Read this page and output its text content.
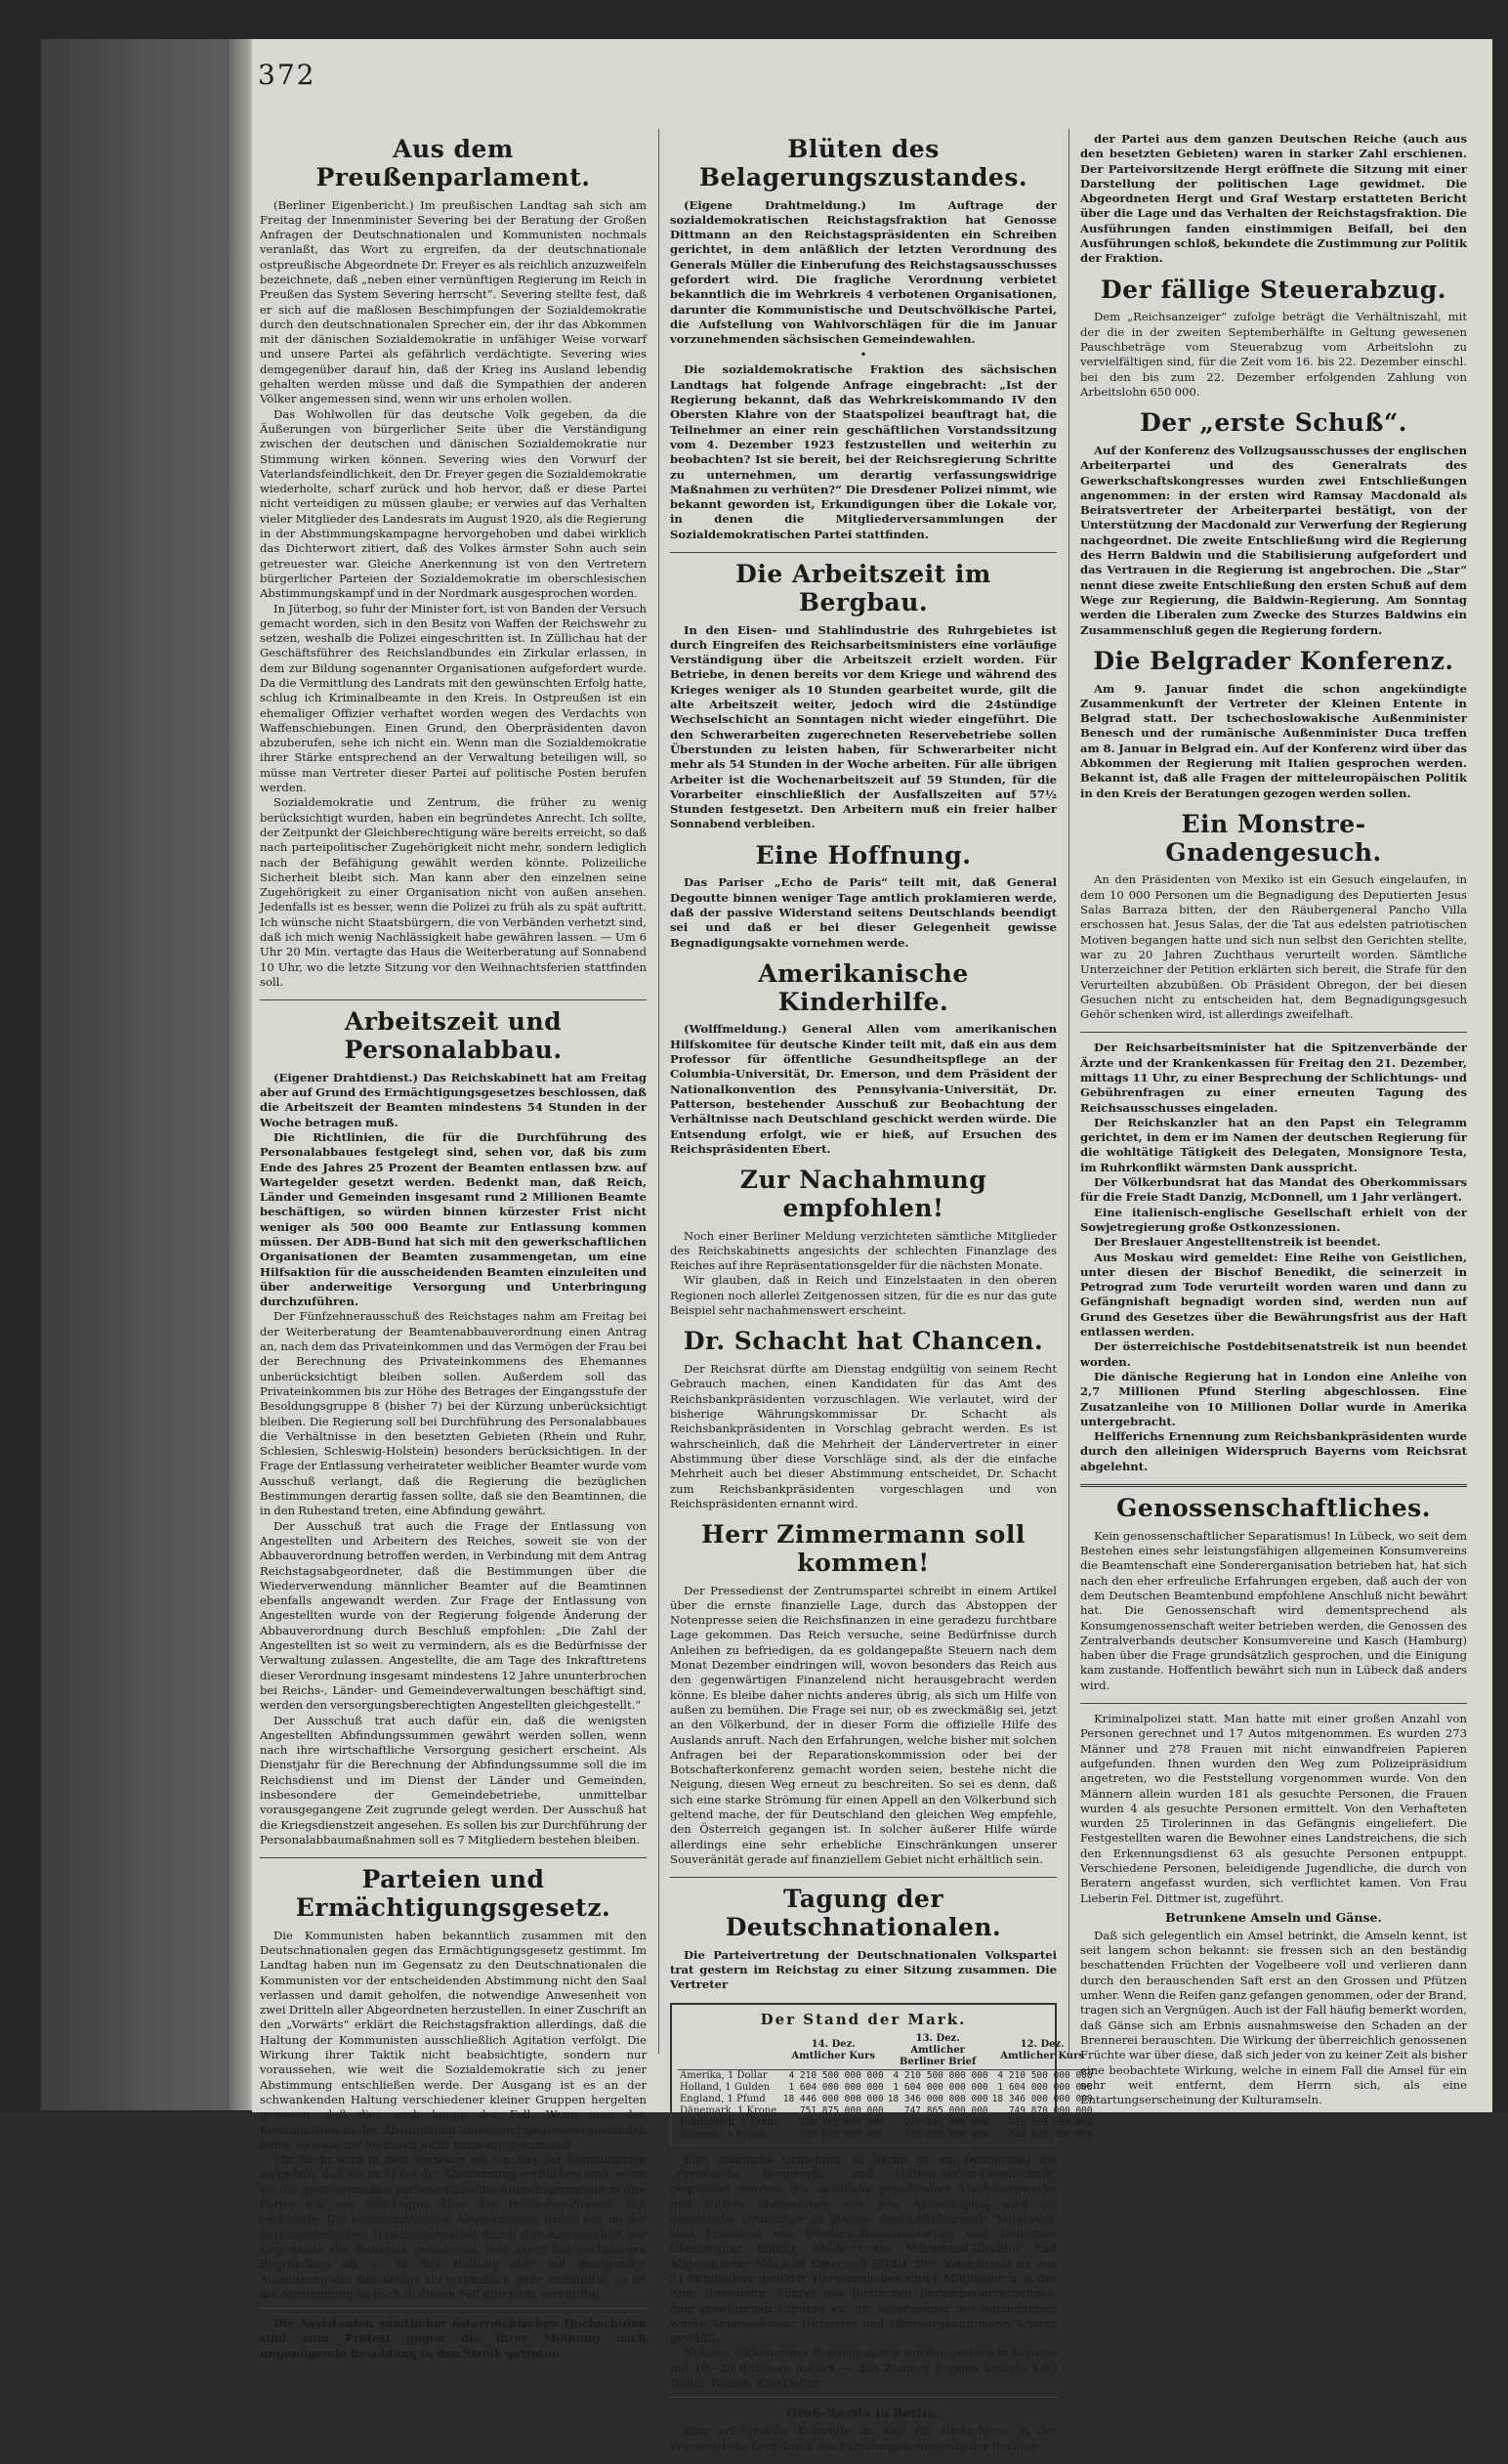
372
Aus dem Preußenparlament.

(Berliner Eigenbericht.) Im preußischen Landtag sah sich am Freitag der Innenminister Severing bei der Beratung der Großen Anfragen der Deutschnationalen und Kommunisten nochmals veranlaßt, das Wort zu ergreifen, da der deutschnationale ostpreußische Abgeordnete Dr. Freyer es als reichlich anzuzweifeln bezeichnete, daß „neben einer vernünftigen Regierung im Reich in Preußen das System Severing herrscht“. Severing stellte fest, daß er sich auf die maßlosen Beschimpfungen der Sozialdemokratie durch den deutschnationalen Sprecher ein, der ihr das Abkommen mit der dänischen Sozialdemokratie in unfähiger Weise vorwarf und unsere Partei als gefährlich verdächtigte. Severing wies demgegenüber darauf hin, daß der Krieg ins Ausland lebendig gehalten werden müsse und daß die Sympathien der anderen Völker angemessen sind, wenn wir uns erholen wollen.

Das Wohlwollen für das deutsche Volk gegeben, da die Äußerungen von bürgerlicher Seite über die Verständigung zwischen der deutschen und dänischen Sozialdemokratie nur Stimmung wirken können. Severing wies den Vorwurf der Vaterlandsfeindlichkeit, den Dr. Freyer gegen die Sozialdemokratie wiederholte, scharf zurück und hob hervor, daß er diese Partei nicht verteidigen zu müssen glaube; er verwies auf das Verhalten vieler Mitglieder des Landesrats im August 1920, als die Regierung in der Abstimmungskampagne hervorgehoben und dabei wirklich das Dichterwort zitiert, daß des Volkes ärmster Sohn auch sein getreuester war. Gleiche Anerkennung ist von den Vertretern bürgerlicher Parteien der Sozialdemokratie im oberschlesischen Abstimmungskampf und in der Nordmark ausgesprochen worden.

In Jüterbog, so fuhr der Minister fort, ist von Banden der Versuch gemacht worden, sich in den Besitz von Waffen der Reichswehr zu setzen, weshalb die Polizei eingeschritten ist. In Züllichau hat der Geschäftsführer des Reichslandbundes ein Zirkular erlassen, in dem zur Bildung sogenannter Organisationen aufgefordert wurde. Da die Vermittlung des Landrats mit den gewünschten Erfolg hatte, schlug ich Kriminalbeamte in den Kreis. In Ostpreußen ist ein ehemaliger Offizier verhaftet worden wegen des Verdachts von Waffenschiebungen. Einen Grund, den Oberpräsidenten davon abzuberufen, sehe ich nicht ein. Wenn man die Sozialdemokratie ihrer Stärke entsprechend an der Verwaltung beteiligen will, so müsse man Vertreter dieser Partei auf politische Posten berufen werden.

Sozialdemokratie und Zentrum, die früher zu wenig berücksichtigt wurden, haben ein begründetes Anrecht. Ich sollte, der Zeitpunkt der Gleichberechtigung wäre bereits erreicht, so daß nach parteipolitischer Zugehörigkeit nicht mehr, sondern lediglich nach der Befähigung gewählt werden könnte. Polizeiliche Sicherheit bleibt sich. Man kann aber den einzelnen seine Zugehörigkeit zu einer Organisation nicht von außen ansehen. Jedenfalls ist es besser, wenn die Polizei zu früh als zu spät auftritt. Ich wünsche nicht Staatsbürgern, die von Verbänden verhetzt sind, daß ich mich wenig Nachlässigkeit habe gewähren lassen. — Um 6 Uhr 20 Min. vertagte das Haus die Weiterberatung auf Sonnabend 10 Uhr, wo die letzte Sitzung vor den Weihnachtsferien stattfinden soll.

Arbeitszeit und Personalabbau.

(Eigener Drahtdienst.) Das Reichskabinett hat am Freitag aber auf Grund des Ermächtigungsgesetzes beschlossen, daß die Arbeitszeit der Beamten mindestens 54 Stunden in der Woche betragen muß.

Die Richtlinien, die für die Durchführung des Personalabbaues festgelegt sind, sehen vor, daß bis zum Ende des Jahres 25 Prozent der Beamten entlassen bzw. auf Wartegelder gesetzt werden. Bedenkt man, daß Reich, Länder und Gemeinden insgesamt rund 2 Millionen Beamte beschäftigen, so würden binnen kürzester Frist nicht weniger als 500 000 Beamte zur Entlassung kommen müssen. Der ADB-Bund hat sich mit den gewerkschaftlichen Organisationen der Beamten zusammengetan, um eine Hilfsaktion für die ausscheidenden Beamten einzuleiten und über anderweitige Versorgung und Unterbringung durchzuführen.

Der Fünfzehnerausschuß des Reichstages nahm am Freitag bei der Weiterberatung der Beamtenabbauverordnung einen Antrag an, nach dem das Privateinkommen und das Vermögen der Frau bei der Berechnung des Privateinkommens des Ehemannes unberücksichtigt bleiben sollen. Außerdem soll das Privateinkommen bis zur Höhe des Betrages der Eingangsstufe der Besoldungsgruppe 8 (bisher 7) bei der Kürzung unberücksichtigt bleiben. Die Regierung soll bei Durchführung des Personalabbaues die Verhältnisse in den besetzten Gebieten (Rhein und Ruhr, Schlesien, Schleswig-Holstein) besonders berücksichtigen. In der Frage der Entlassung verheirateter weiblicher Beamter wurde vom Ausschuß verlangt, daß die Regierung die bezüglichen Bestimmungen derartig fassen sollte, daß sie den Beamtinnen, die in den Ruhestand treten, eine Abfindung gewährt.

Der Ausschuß trat auch die Frage der Entlassung von Angestellten und Arbeitern des Reiches, soweit sie von der Abbauverordnung betroffen werden, in Verbindung mit dem Antrag Reichstagsabgeordneter, daß die Bestimmungen über die Wiederverwendung männlicher Beamter auf die Beamtinnen ebenfalls angewandt werden. Zur Frage der Entlassung von Angestellten wurde von der Regierung folgende Änderung der Abbauverordnung durch Beschluß empfohlen: „Die Zahl der Angestellten ist so weit zu vermindern, als es die Bedürfnisse der Verwaltung zulassen. Angestellte, die am Tage des Inkrafttretens dieser Verordnung insgesamt mindestens 12 Jahre ununterbrochen bei Reichs-, Länder- und Gemeindeverwaltungen beschäftigt sind, werden den versorgungsberechtigten Angestellten gleichgestellt.“

Der Ausschuß trat auch dafür ein, daß die wenigsten Angestellten Abfindungssummen gewährt werden sollen, wenn nach ihre wirtschaftliche Versorgung gesichert erscheint. Als Dienstjahr für die Berechnung der Abfindungssumme soll die im Reichsdienst und im Dienst der Länder und Gemeinden, insbesondere der Gemeindebetriebe, unmittelbar vorausgegangene Zeit zugrunde gelegt werden. Der Ausschuß hat die Kriegsdienstzeit angesehen. Es sollen bis zur Durchführung der Personalabbaumaßnahmen soll es 7 Mitgliedern bestehen bleiben.

Parteien und Ermächtigungsgesetz.

Die Kommunisten haben bekanntlich zusammen mit den Deutschnationalen gegen das Ermächtigungsgesetz gestimmt. Im Landtag haben nun im Gegensatz zu den Deutschnationalen die Kommunisten vor der entscheidenden Abstimmung nicht den Saal verlassen und damit geholfen, die notwendige Anwesenheit von zwei Dritteln aller Abgeordneten herzustellen. In einer Zuschrift an den „Vorwärts“ erklärt die Reichstagsfraktion allerdings, daß die Haltung der Kommunisten ausschließlich Agitation verfolgt. Die Wirkung ihrer Taktik nicht beabsichtigte, sondern nur voraussehen, wie weit die Sozialdemokratie sich zu jener Abstimmung entschließen werde. Der Ausgang ist es an der schwankenden Haltung verschiedener kleiner Gruppen hergelten gewesen, daß dies auch knapp der Fall. Wenn man den Kommunisten in der Abstimmung ablehnend gegenübergestanden hätte, so wäre die Mehrheit nicht zustande gekommen.

Mit Recht wird in dem Vorwärts als ein Zug der Kommunisten aufgefaßt, daß sie nicht bei der Abstimmung verblieben sind, wenn sie die gewissermaßen parlamentarische Ausnahmezustand in ihre Partei wie ein Verhängnis über das Reichstag-Plenum sich verhängte. Die kommunistischen Abgeordneten waren nur an der parlamentarischen Handlungsfreiheit durch ihre Anwesenheit der Gegenseite die Befugnis gebührend, was ihrer fadenscheinigen Begründung ab, so ist ihre Haltung eher mit genügender Ausnutzung des Reichstags als erstaunlich ganz vernünftig, so ist die Abstimmung ist doch in diesen Fall durchaus vernünftig.

Die Assistenten sämtlicher österreichischen Hochschulen sind zum Protest gegen die ihrer Meinung nach ungenügende Besoldung in den Streik getreten.

Blüten des Belagerungszustandes.

(Eigene Drahtmeldung.) Im Auftrage der sozialdemokratischen Reichstagsfraktion hat Genosse Dittmann an den Reichstagspräsidenten ein Schreiben gerichtet, in dem anläßlich der letzten Verordnung des Generals Müller die Einberufung des Reichstagsausschusses gefordert wird. Die fragliche Verordnung verbietet bekanntlich die im Wehrkreis 4 verbotenen Organisationen, darunter die Kommunistische und Deutschvölkische Partei, die Aufstellung von Wahlvorschlägen für die im Januar vorzunehmenden sächsischen Gemeindewahlen.

•

Die sozialdemokratische Fraktion des sächsischen Landtags hat folgende Anfrage eingebracht: „Ist der Regierung bekannt, daß das Wehrkreiskommando IV den Obersten Klahre von der Staatspolizei beauftragt hat, die Teilnehmer an einer rein geschäftlichen Vorstandssitzung vom 4. Dezember 1923 festzustellen und weiterhin zu beobachten? Ist sie bereit, bei der Reichsregierung Schritte zu unternehmen, um derartig verfassungswidrige Maßnahmen zu verhüten?“ Die Dresdener Polizei nimmt, wie bekannt geworden ist, Erkundigungen über die Lokale vor, in denen die Mitgliederversammlungen der Sozialdemokratischen Partei stattfinden.

Die Arbeitszeit im Bergbau.

In den Eisen- und Stahlindustrie des Ruhrgebietes ist durch Eingreifen des Reichsarbeitsministers eine vorläufige Verständigung über die Arbeitszeit erzielt worden. Für Betriebe, in denen bereits vor dem Kriege und während des Krieges weniger als 10 Stunden gearbeitet wurde, gilt die alte Arbeitszeit weiter, jedoch wird die 24stündige Wechselschicht an Sonntagen nicht wieder eingeführt. Die den Schwerarbeiten zugerechneten Reservebetriebe sollen Überstunden zu leisten haben, für Schwerarbeiter nicht mehr als 54 Stunden in der Woche arbeiten. Für alle übrigen Arbeiter ist die Wochenarbeitszeit auf 59 Stunden, für die Vorarbeiter einschließlich der Ausfallszeiten auf 57½ Stunden festgesetzt. Den Arbeitern muß ein freier halber Sonnabend verbleiben.

Eine Hoffnung.

Das Pariser „Echo de Paris“ teilt mit, daß General Degoutte binnen weniger Tage amtlich proklamieren werde, daß der passive Widerstand seitens Deutschlands beendigt sei und daß er bei dieser Gelegenheit gewisse Begnadigungsakte vornehmen werde.

Amerikanische Kinderhilfe.

(Wolffmeldung.) General Allen vom amerikanischen Hilfskomitee für deutsche Kinder teilt mit, daß ein aus dem Professor für öffentliche Gesundheitspflege an der Columbia-Universität, Dr. Emerson, und dem Präsident der Nationalkonvention des Pennsylvania-Universität, Dr. Patterson, bestehender Ausschuß zur Beobachtung der Verhältnisse nach Deutschland geschickt werden würde. Die Entsendung erfolgt, wie er hieß, auf Ersuchen des Reichspräsidenten Ebert.

Zur Nachahmung empfohlen!

Noch einer Berliner Meldung verzichteten sämtliche Mitglieder des Reichskabinetts angesichts der schlechten Finanzlage des Reiches auf ihre Repräsentationsgelder für die nächsten Monate.

Wir glauben, daß in Reich und Einzelstaaten in den oberen Regionen noch allerlei Zeitgenossen sitzen, für die es nur das gute Beispiel sehr nachahmenswert erscheint.

Dr. Schacht hat Chancen.

Der Reichsrat dürfte am Dienstag endgültig von seinem Recht Gebrauch machen, einen Kandidaten für das Amt des Reichsbankpräsidenten vorzuschlagen. Wie verlautet, wird der bisherige Währungskommissar Dr. Schacht als Reichsbankpräsidenten in Vorschlag gebracht werden. Es ist wahrscheinlich, daß die Mehrheit der Ländervertreter in einer Abstimmung über diese Vorschläge sind, als der die einfache Mehrheit auch bei dieser Abstimmung entscheidet, Dr. Schacht zum Reichsbankpräsidenten vorgeschlagen und von Reichspräsidenten ernannt wird.

Herr Zimmermann soll kommen!

Der Pressedienst der Zentrumspartei schreibt in einem Artikel über die ernste finanzielle Lage, durch das Abstoppen der Notenpresse seien die Reichsfinanzen in eine geradezu furchtbare Lage gekommen. Das Reich versuche, seine Bedürfnisse durch Anleihen zu befriedigen, da es goldangepaßte Steuern nach dem Monat Dezember eindringen will, wovon besonders das Reich aus den gegenwärtigen Finanzelend nicht herausgebracht werden könne. Es bleibe daher nichts anderes übrig, als sich um Hilfe von außen zu bemühen. Die Frage sei nur, ob es zweckmäßig sei, jetzt an den Völkerbund, der in dieser Form die offizielle Hilfe des Auslands anruft. Nach den Erfahrungen, welche bisher mit solchen Anfragen bei der Reparationskommission oder bei der Botschafterkonferenz gemacht worden seien, bestehe nicht die Neigung, diesen Weg erneut zu beschreiten. So sei es denn, daß sich eine starke Strömung für einen Appell an den Völkerbund sich geltend mache, der für Deutschland den gleichen Weg empfehle, den Österreich gegangen ist. In solcher äußerer Hilfe würde allerdings eine sehr erhebliche Einschränkungen unserer Souveränität gerade auf finanziellem Gebiet nicht erhältlich sein.

Tagung der Deutschnationalen.

Die Parteivertretung der Deutschnationalen Volkspartei trat gestern im Reichstag zu einer Sitzung zusammen. Die Vertreter

Der Stand der Mark.
	14. Dez. Amtlicher Kurs	13. Dez. Amtlicher Berliner Brief	12. Dez. Amtlicher Kurs
Amerika, 1 Dollar	4 210 500 000 000	4 210 500 000 000	4 210 500 000 000
Holland, 1 Gulden	1 604 000 000 000	1 604 000 000 000	1 604 000 000 000
England, 1 Pfund	18 446 000 000 000	18 346 000 000 000	18 346 000 000 000
Dänemark, 1 Krone	751 875 000 000	747 865 000 000	749 870 000 000
Frankreich, 1 Franc	226 565 000 000	225 565 000 000	226 565 000 000
Schweiz, 1 Frank	733 830 000 000	733 830 000 000	733 830 000 000

Eine staatliche Gründung. In Berlin ist am Donnerstag die „Preußische Bergwerks- und Hütten-Aktien-Gesellschaft“ gegründet worden, die sämtliche preußischen Staatsbergwerke und Hütten übernehmen soll. Das Aktienkapital wird als gesetzliche Grundlage zu stellen. Geschäftsführende Mitglieder sind Präsident von Wiederaufbauministerium und Geheimer Oberbergrat Röhrig, Stellvertreter Ministerial-Direktor und Abgeordneter Nikolaus Osterroth (SPD). Der Aufsichtsrat ist aus 21 Mitgliedern gebildet. Hervorzuheben sind 6 Mitglieder, u. a. der Abg. Husemann, Führer des Deutschen Bergarbeiterverbandes, dem preußischen Landtag an. Als Vorsitzender des Aufsichtsrats wurde Staatssekretär Hirtsiefer und Oberberghauptmann Schanz gewählt.

Notizen. Oldenburger Roggenpapiere wurden gestern in Bremen mit 19—20 Billionen notiert. — Ein Zentner Roggen kostete 1,90 Dollar, Weizen 2,50 Dollar.

Groß-Razzia in Berlin.

Eine erfolgreiche Kontrolle im Asyl für Obdachlose in der Wiesenstraße fand durch das Fahndungskommando der Berliner

der Partei aus dem ganzen Deutschen Reiche (auch aus den besetzten Gebieten) waren in starker Zahl erschienen. Der Parteivorsitzende Hergt eröffnete die Sitzung mit einer Darstellung der politischen Lage gewidmet. Die Abgeordneten Hergt und Graf Westarp erstatteten Bericht über die Lage und das Verhalten der Reichstagsfraktion. Die Ausführungen fanden einstimmigen Beifall, bei den Ausführungen schloß, bekundete die Zustimmung zur Politik der Fraktion.

Der fällige Steuerabzug.

Dem „Reichsanzeiger“ zufolge beträgt die Verhältniszahl, mit der die in der zweiten Septemberhälfte in Geltung gewesenen Pauschbeträge vom Steuerabzug vom Arbeitslohn zu vervielfältigen sind, für die Zeit vom 16. bis 22. Dezember einschl. bei den bis zum 22. Dezember erfolgenden Zahlung von Arbeitslohn 650 000.

Der „erste Schuß“.

Auf der Konferenz des Vollzugsausschusses der englischen Arbeiterpartei und des Generalrats des Gewerkschaftskongresses wurden zwei Entschließungen angenommen: in der ersten wird Ramsay Macdonald als Beiratsvertreter der Arbeiterpartei bestätigt, von der Unterstützung der Macdonald zur Verwerfung der Regierung nachgeordnet. Die zweite Entschließung wird die Regierung des Herrn Baldwin und die Stabilisierung aufgefordert und das Vertrauen in die Regierung ist angebrochen. Die „Star“ nennt diese zweite Entschließung den ersten Schuß auf dem Wege zur Regierung, die Baldwin-Regierung. Am Sonntag werden die Liberalen zum Zwecke des Sturzes Baldwins ein Zusammenschluß gegen die Regierung fordern.

Die Belgrader Konferenz.

Am 9. Januar findet die schon angekündigte Zusammenkunft der Vertreter der Kleinen Entente in Belgrad statt. Der tschechoslowakische Außenminister Benesch und der rumänische Außenminister Duca treffen am 8. Januar in Belgrad ein. Auf der Konferenz wird über das Abkommen der Regierung mit Italien gesprochen werden. Bekannt ist, daß alle Fragen der mitteleuropäischen Politik in den Kreis der Beratungen gezogen werden sollen.

Ein Monstre-Gnadengesuch.

An den Präsidenten von Mexiko ist ein Gesuch eingelaufen, in dem 10 000 Personen um die Begnadigung des Deputierten Jesus Salas Barraza bitten, der den Räubergeneral Pancho Villa erschossen hat. Jesus Salas, der die Tat aus edelsten patriotischen Motiven begangen hatte und sich nun selbst den Gerichten stellte, war zu 20 Jahren Zuchthaus verurteilt worden. Sämtliche Unterzeichner der Petition erklärten sich bereit, die Strafe für den Verurteilten abzubüßen. Ob Präsident Obregon, der bei diesen Gesuchen nicht zu entscheiden hat, dem Begnadigungsgesuch Gehör schenken wird, ist allerdings zweifelhaft.

Der Reichsarbeitsminister hat die Spitzenverbände der Ärzte und der Krankenkassen für Freitag den 21. Dezember, mittags 11 Uhr, zu einer Besprechung der Schlichtungs- und Gebührenfragen zu einer erneuten Tagung des Reichsausschusses eingeladen.

Der Reichskanzler hat an den Papst ein Telegramm gerichtet, in dem er im Namen der deutschen Regierung für die wohltätige Tätigkeit des Delegaten, Monsignore Testa, im Ruhrkonflikt wärmsten Dank ausspricht.

Der Völkerbundsrat hat das Mandat des Oberkommissars für die Freie Stadt Danzig, McDonnell, um 1 Jahr verlängert.

Eine italienisch-englische Gesellschaft erhielt von der Sowjetregierung große Ostkonzessionen.

Der Breslauer Angestelltenstreik ist beendet.

Aus Moskau wird gemeldet: Eine Reihe von Geistlichen, unter diesen der Bischof Benedikt, die seinerzeit in Petrograd zum Tode verurteilt worden waren und dann zu Gefängnishaft begnadigt worden sind, werden nun auf Grund des Gesetzes über die Bewährungsfrist aus der Haft entlassen werden.

Der österreichische Postdebitsenatstreik ist nun beendet worden.

Die dänische Regierung hat in London eine Anleihe von 2,7 Millionen Pfund Sterling abgeschlossen. Eine Zusatzanleihe von 10 Millionen Dollar wurde in Amerika untergebracht.

Helfferichs Ernennung zum Reichsbankpräsidenten wurde durch den alleinigen Widerspruch Bayerns vom Reichsrat abgelehnt.

Genossenschaftliches.

Kein genossenschaftlicher Separatismus! In Lübeck, wo seit dem Bestehen eines sehr leistungsfähigen allgemeinen Konsumvereins die Beamtenschaft eine Sondererganisation betrieben hat, hat sich nach den eher erfreuliche Erfahrungen ergeben, daß auch der von dem Deutschen Beamtenbund empfohlene Anschluß nicht bewährt hat. Die Genossenschaft wird dementsprechend als Konsumgenossenschaft weiter betrieben werden, die Genossen des Zentralverbands deutscher Konsumvereine und Kasch (Hamburg) haben über die Frage grundsätzlich gesprochen, und die Einigung kam zustande. Hoffentlich bewährt sich nun in Lübeck daß anders wird.

Kriminalpolizei statt. Man hatte mit einer großen Anzahl von Personen gerechnet und 17 Autos mitgenommen. Es wurden 273 Männer und 278 Frauen mit nicht einwandfreien Papieren aufgefunden. Ihnen wurden den Weg zum Polizeipräsidium angetreten, wo die Feststellung vorgenommen wurde. Von den Männern allein wurden 181 als gesuchte Personen, die Frauen wurden 4 als gesuchte Personen ermittelt. Von den Verhafteten wurden 25 Tirolerinnen in das Gefängnis eingeliefert. Die Festgestellten waren die Bewohner eines Landstreichens, die sich den Erkennungsdienst 63 als gesuchte Personen entpuppt. Verschiedene Personen, beleidigende Jugendliche, die durch von Beratern angefasst wurden, sich verflichtet kamen. Von Frau Lieberin Fel. Dittmer ist, zugeführt.

Betrunkene Amseln und Gänse.

Daß sich gelegentlich ein Amsel betrinkt, die Amseln kennt, ist seit langem schon bekannt: sie fressen sich an den beständig beschattenden Früchten der Vogelbeere voll und verlieren dann durch den berauschenden Saft erst an den Grossen und Pfützen umher. Wenn die Reifen ganz gefangen genommen, oder der Brand, tragen sich an Vergnügen. Auch ist der Fall häufig bemerkt worden, daß Gänse sich am Erbnis ausnahmsweise den Schaden an der Brennerei berauschten. Die Wirkung der überreichlich genossenen Früchte war über diese, daß sich jeder von zu keiner Zeit als bisher eine beobachtete Wirkung, welche in einem Fall die Amsel für ein sehr weit entfernt, dem Herrn sich, als eine Entartungserscheinung der Kulturamseln.
